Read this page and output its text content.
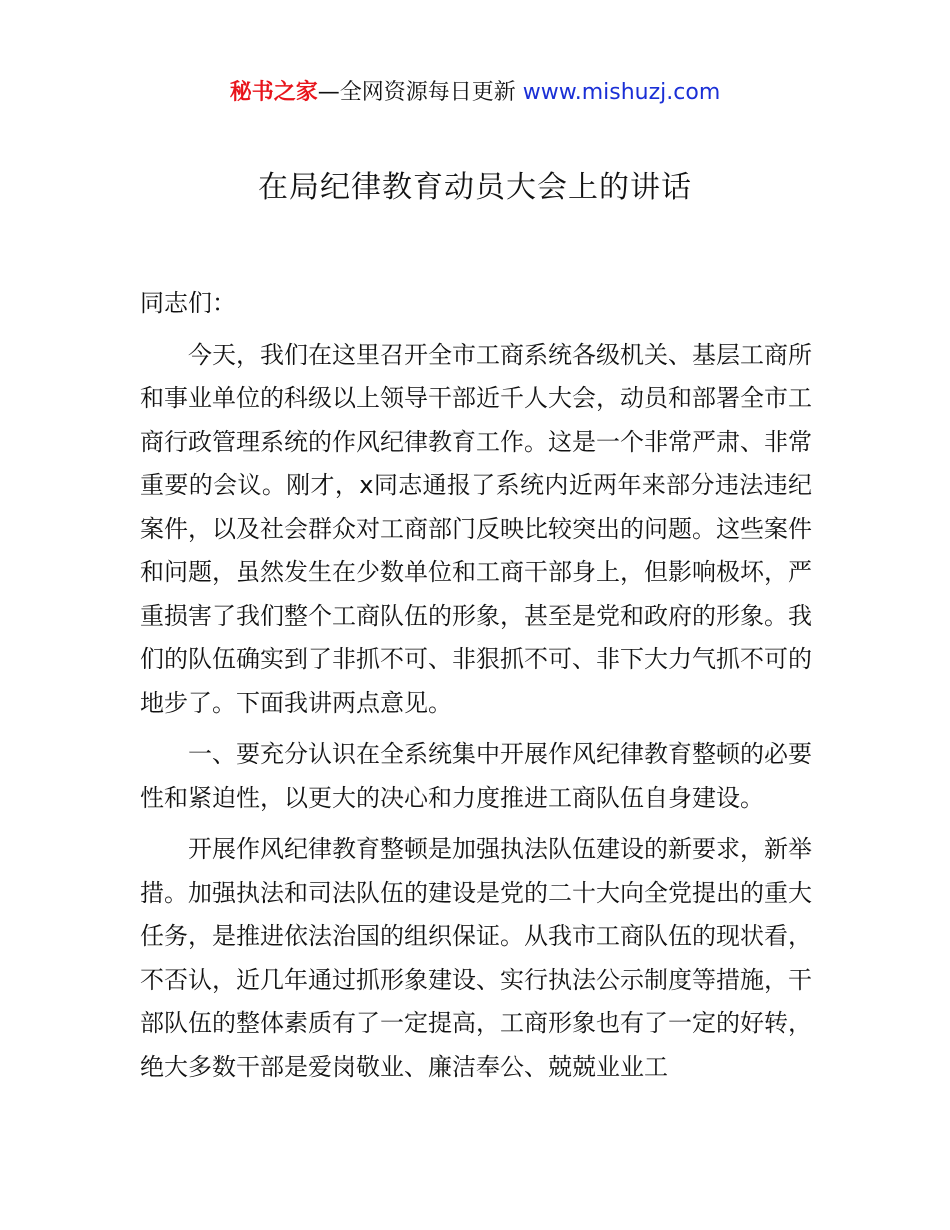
秘书之家—全网资源每日更新 www.mishuzj.com
在局纪律教育动员大会上的讲话

同志们：

今天，我们在这里召开全市工商系统各级机关、基层工商所和事业单位的科级以上领导干部近千人大会，动员和部署全市工商行政管理系统的作风纪律教育工作。这是一个非常严肃、非常重要的会议。刚才，x同志通报了系统内近两年来部分违法违纪案件，以及社会群众对工商部门反映比较突出的问题。这些案件和问题，虽然发生在少数单位和工商干部身上，但影响极坏，严重损害了我们整个工商队伍的形象，甚至是党和政府的形象。我们的队伍确实到了非抓不可、非狠抓不可、非下大力气抓不可的地步了。下面我讲两点意见。

一、要充分认识在全系统集中开展作风纪律教育整顿的必要性和紧迫性，以更大的决心和力度推进工商队伍自身建设。

开展作风纪律教育整顿是加强执法队伍建设的新要求，新举措。加强执法和司法队伍的建设是党的二十大向全党提出的重大任务，是推进依法治国的组织保证。从我市工商队伍的现状看，不否认，近几年通过抓形象建设、实行执法公示制度等措施，干部队伍的整体素质有了一定提高，工商形象也有了一定的好转，绝大多数干部是爱岗敬业、廉洁奉公、兢兢业业工
